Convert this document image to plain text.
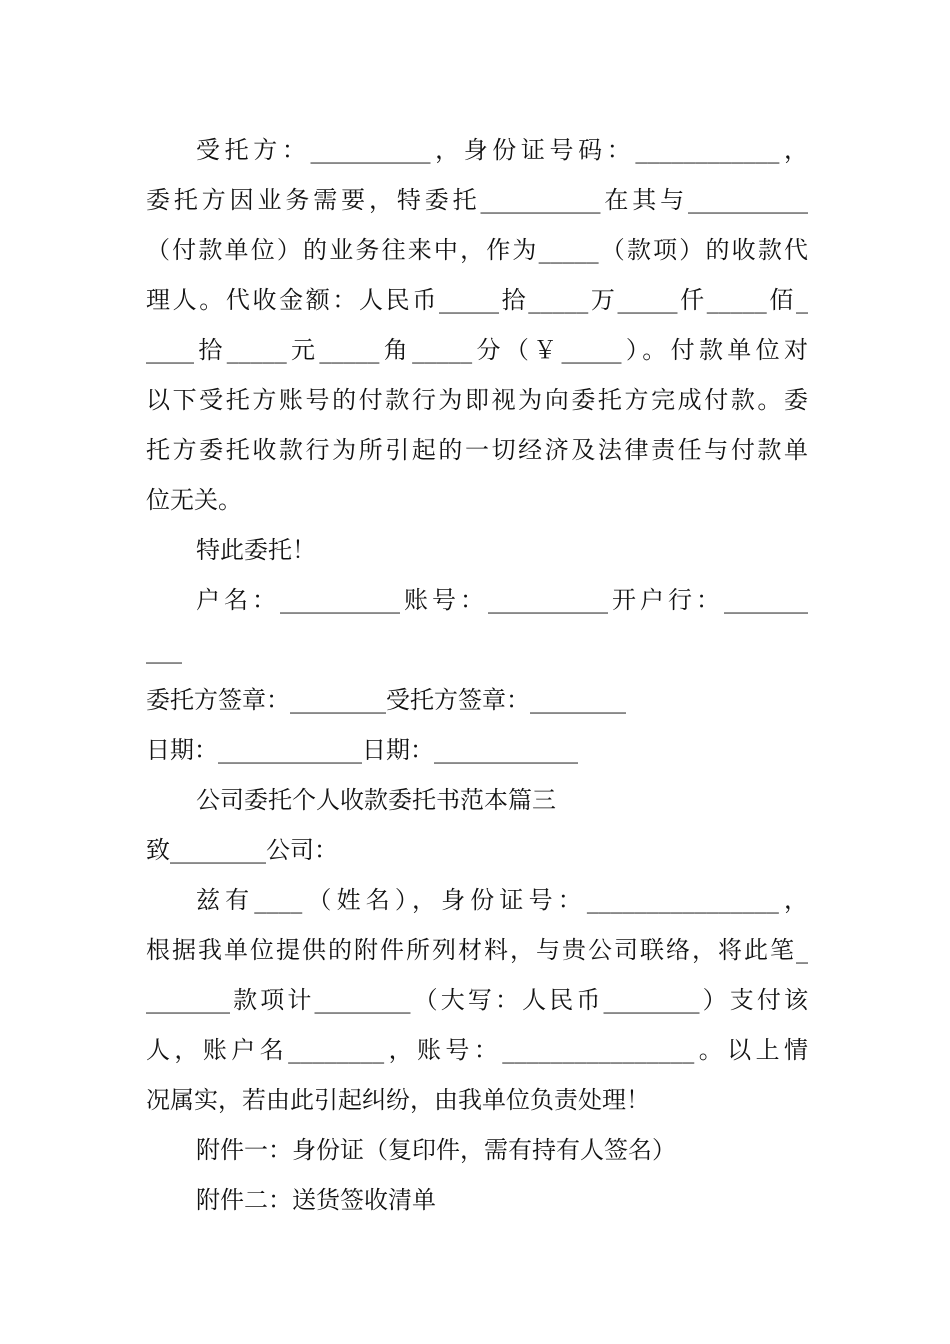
受托方：__________，身份证号码：____________，
委托方因业务需要，特委托__________在其与__________
（付款单位）的业务往来中，作为_____（款项）的收款代
理人。代收金额：人民币_____拾_____万_____仟_____佰_
____拾_____元_____角_____分（￥_____）。付款单位对
以下受托方账号的付款行为即视为向委托方完成付款。委
托方委托收款行为所引起的一切经济及法律责任与付款单
位无关。
特此委托！
户名：__________账号：__________开户行：_______
___
委托方签章：________受托方签章：________
日期：____________日期：____________
公司委托个人收款委托书范本篇三
致________公司：
兹有____（姓名），身份证号：________________，
根据我单位提供的附件所列材料，与贵公司联络，将此笔_
_______款项计________（大写：人民币________）支付该
人，账户名________，账号：________________。以上情
况属实，若由此引起纠纷，由我单位负责处理！
附件一：身份证（复印件，需有持有人签名）
附件二：送货签收清单
